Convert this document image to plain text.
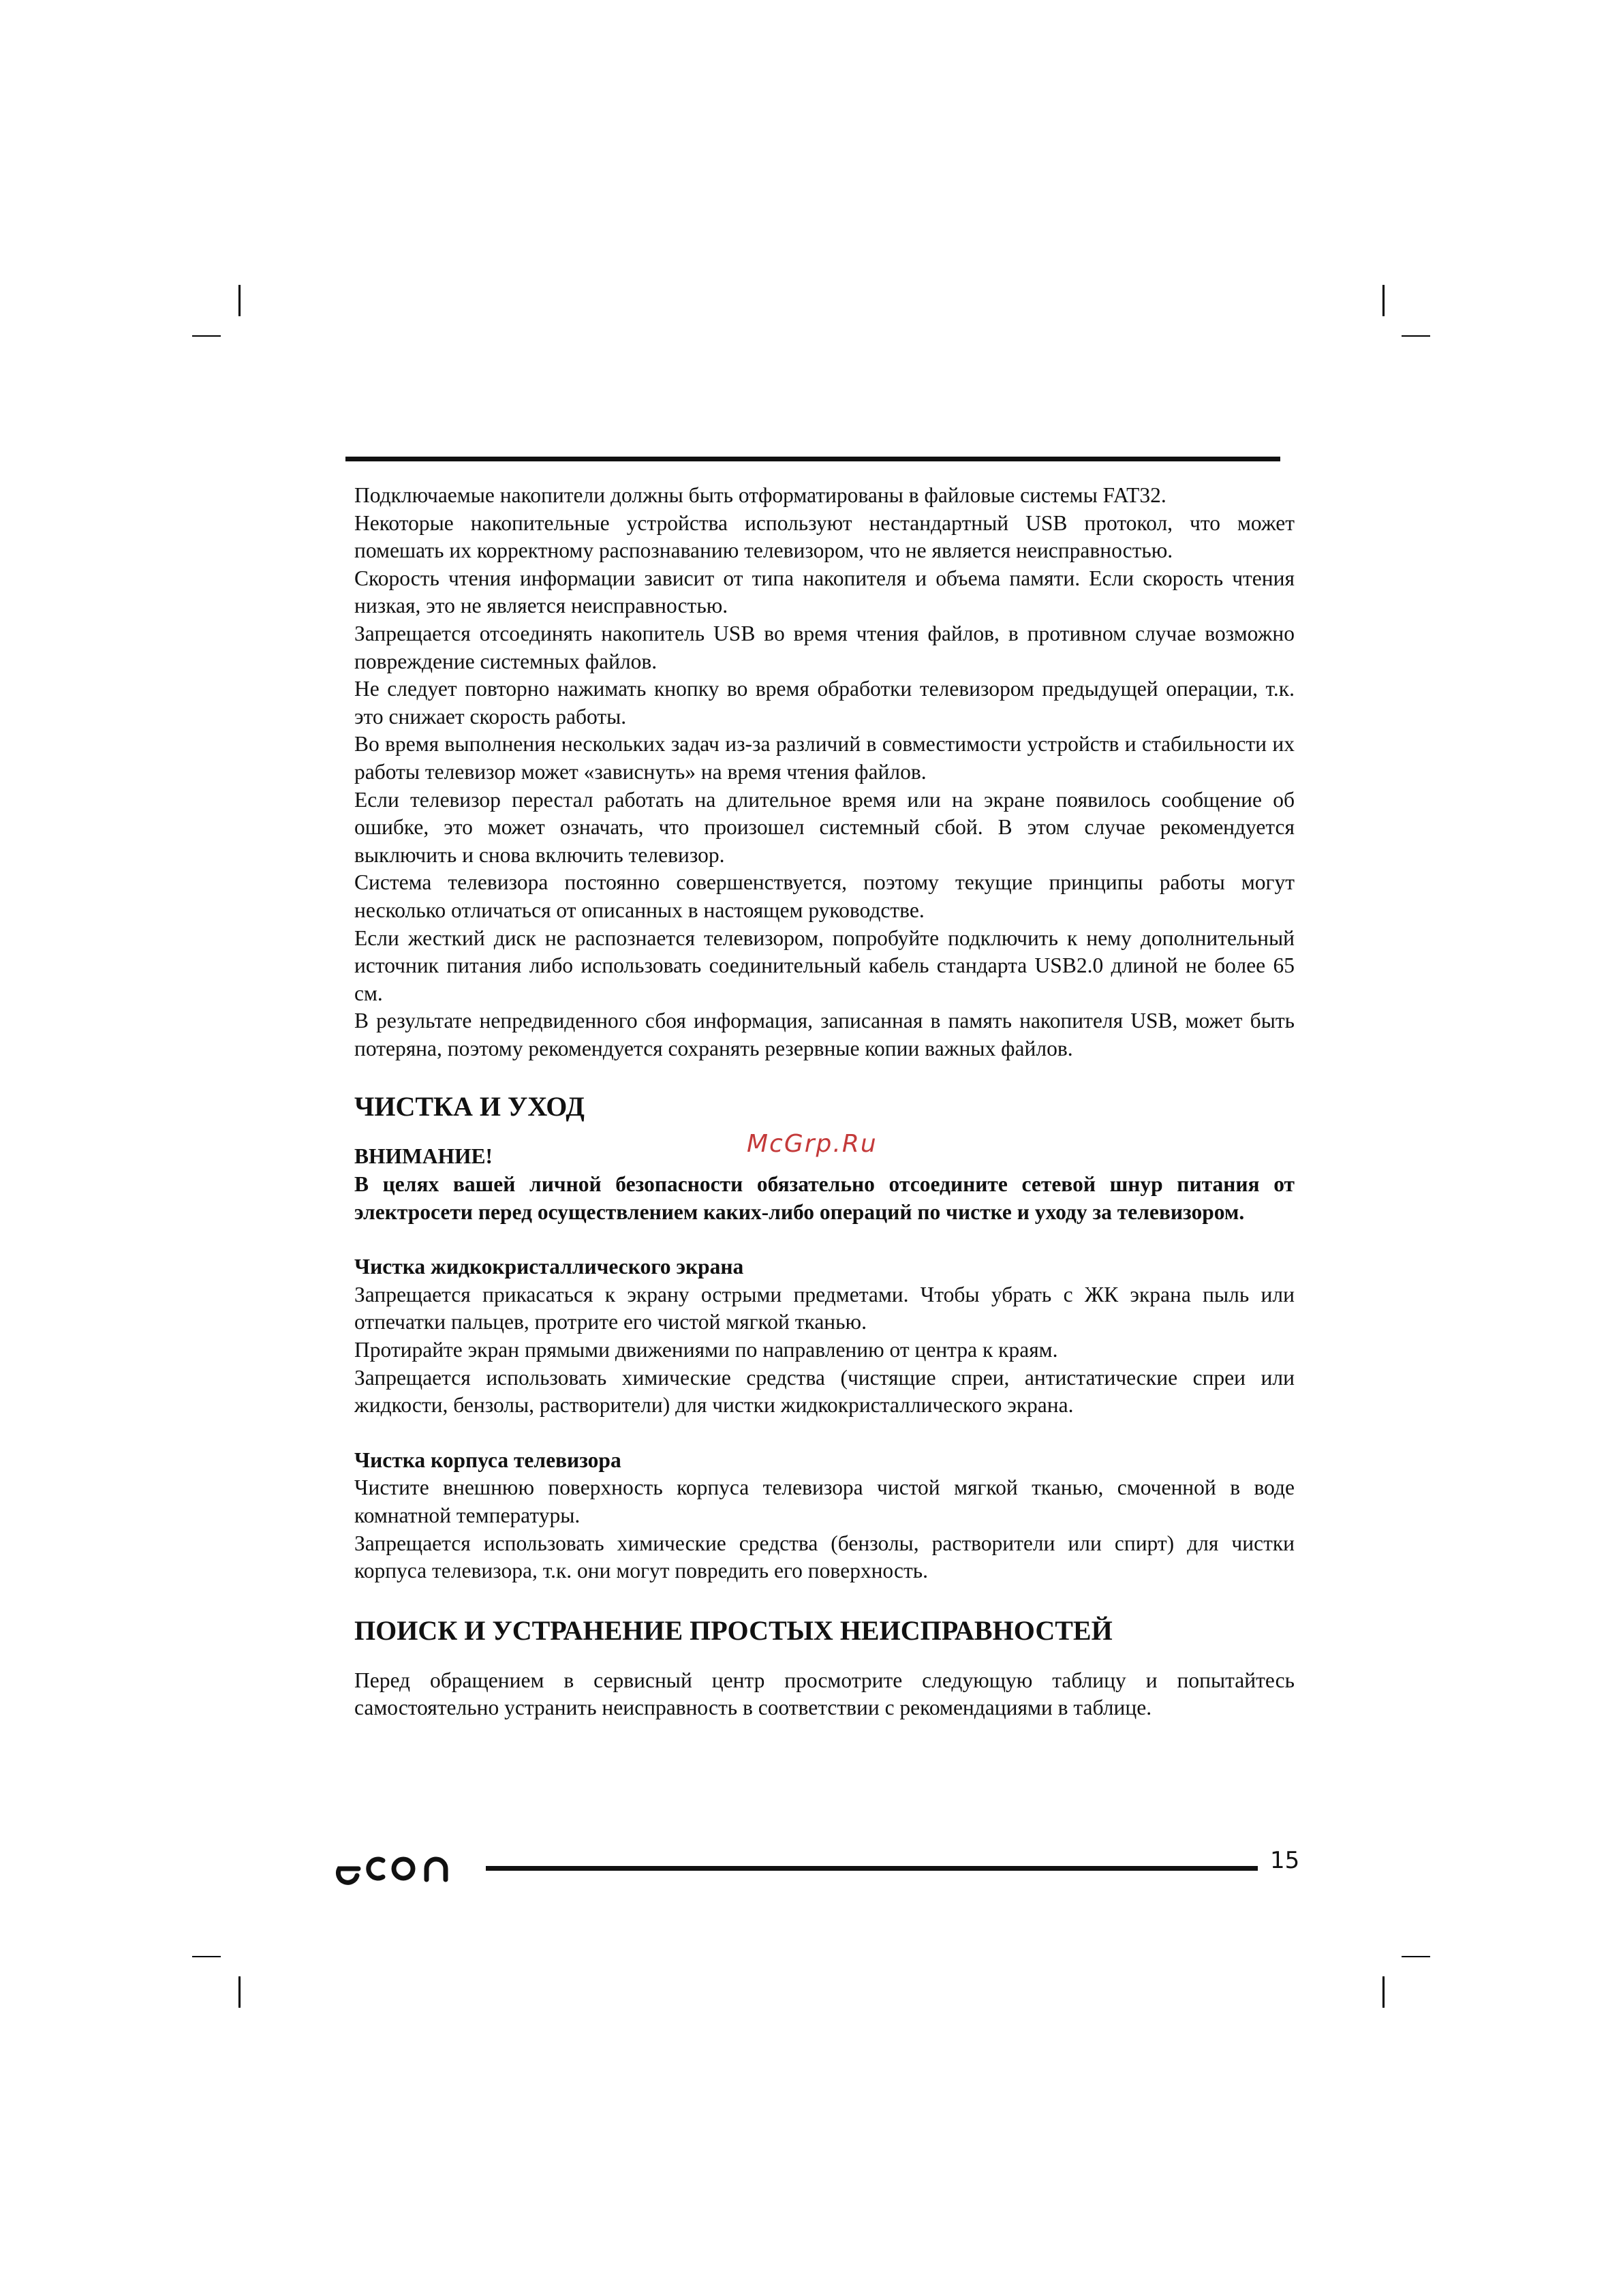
Подключаемые накопители должны быть отформатированы в файловые системы FAT32.

Некоторые накопительные устройства используют нестандартный USB протокол, что может помешать их корректному распознаванию телевизором, что не является неисправностью.

Скорость чтения информации зависит от типа накопителя и объема памяти. Если скорость чтения низкая, это не является неисправностью.

Запрещается отсоединять накопитель USB во время чтения файлов, в противном случае возможно повреждение системных файлов.

Не следует повторно нажимать кнопку во время обработки телевизором предыдущей операции, т.к. это снижает скорость работы.

Во время выполнения нескольких задач из-за различий в совместимости устройств и стабильности их работы телевизор может «зависнуть» на время чтения файлов.

Если телевизор перестал работать на длительное время или на экране появилось сообщение об ошибке, это может означать, что произошел системный сбой. В этом случае рекомендуется выключить и снова включить телевизор.

Система телевизора постоянно совершенствуется, поэтому текущие принципы работы могут несколько отличаться от описанных в настоящем руководстве.

Если жесткий диск не распознается телевизором, попробуйте подключить к нему дополнительный источник питания либо использовать соединительный кабель стандарта USB2.0 длиной не более 65 см.

В результате непредвиденного сбоя информация, записанная в память накопителя USB, может быть потеряна, поэтому рекомендуется сохранять резервные копии важных файлов.

ЧИСТКА И УХОД

ВНИМАНИЕ!

В целях вашей личной безопасности обязательно отсоедините сетевой шнур питания от электросети перед осуществлением каких-либо операций по чистке и уходу за телевизором.

Чистка жидкокристаллического экрана

Запрещается прикасаться к экрану острыми предметами. Чтобы убрать с ЖК экрана пыль или отпечатки пальцев, протрите его чистой мягкой тканью.

Протирайте экран прямыми движениями по направлению от центра к краям.

Запрещается использовать химические средства (чистящие спреи, антистатические спреи или жидкости, бензолы, растворители) для чистки жидкокристаллического экрана.

Чистка корпуса телевизора

Чистите внешнюю поверхность корпуса телевизора чистой мягкой тканью, смоченной в воде комнатной температуры.

Запрещается использовать химические средства (бензолы, растворители или спирт) для чистки корпуса телевизора, т.к. они могут повредить его поверхность.

ПОИСК И УСТРАНЕНИЕ ПРОСТЫХ НЕИСПРАВНОСТЕЙ

Перед обращением в сервисный центр просмотрите следующую таблицу и попытайтесь самостоятельно устранить неисправность в соответствии с рекомендациями в таблице.

McGrp.Ru
15
